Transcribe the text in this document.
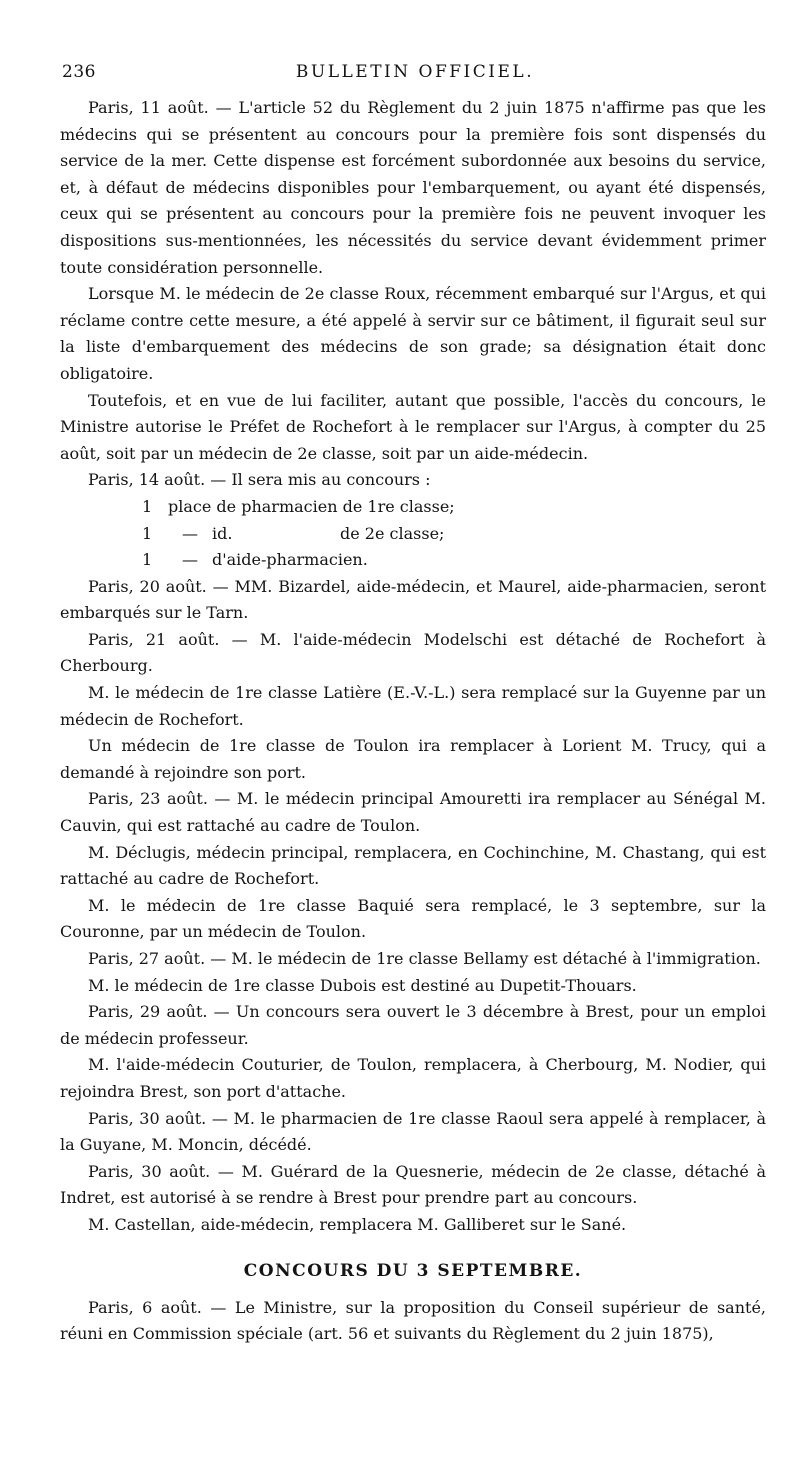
236	BULLETIN OFFICIEL.

Paris, 11 août. — L'article 52 du Règlement du 2 juin 1875 n'affirme pas que les médecins qui se présentent au concours pour la première fois sont dispensés du service de la mer. Cette dispense est forcément subordonnée aux besoins du service, et, à défaut de médecins disponibles pour l'embarquement, ou ayant été dispensés, ceux qui se présentent au concours pour la première fois ne peuvent invoquer les dispositions sus-mentionnées, les nécessités du service devant évidemment primer toute considération personnelle.

Lorsque M. le médecin de 2e classe Roux, récemment embarqué sur l'Argus, et qui réclame contre cette mesure, a été appelé à servir sur ce bâtiment, il figurait seul sur la liste d'embarquement des médecins de son grade; sa désignation était donc obligatoire.

Toutefois, et en vue de lui faciliter, autant que possible, l'accès du concours, le Ministre autorise le Préfet de Rochefort à le remplacer sur l'Argus, à compter du 25 août, soit par un médecin de 2e classe, soit par un aide-médecin.

Paris, 14 août. — Il sera mis au concours :

1 place de pharmacien de 1re classe;
1 — id.	de 2e classe;
1 — d'aide-pharmacien.

Paris, 20 août. — MM. Bizardel, aide-médecin, et Maurel, aide-pharmacien, seront embarqués sur le Tarn.

Paris, 21 août. — M. l'aide-médecin Modelschi est détaché de Rochefort à Cherbourg.

M. le médecin de 1re classe Latière (E.-V.-L.) sera remplacé sur la Guyenne par un médecin de Rochefort.

Un médecin de 1re classe de Toulon ira remplacer à Lorient M. Trucy, qui a demandé à rejoindre son port.

Paris, 23 août. — M. le médecin principal Amouretti ira remplacer au Sénégal M. Cauvin, qui est rattaché au cadre de Toulon.

M. Déclugis, médecin principal, remplacera, en Cochinchine, M. Chastang, qui est rattaché au cadre de Rochefort.

M. le médecin de 1re classe Baquié sera remplacé, le 3 septembre, sur la Couronne, par un médecin de Toulon.

Paris, 27 août. — M. le médecin de 1re classe Bellamy est détaché à l'immigration.

M. le médecin de 1re classe Dubois est destiné au Dupetit-Thouars.

Paris, 29 août. — Un concours sera ouvert le 3 décembre à Brest, pour un emploi de médecin professeur.

M. l'aide-médecin Couturier, de Toulon, remplacera, à Cherbourg, M. Nodier, qui rejoindra Brest, son port d'attache.

Paris, 30 août. — M. le pharmacien de 1re classe Raoul sera appelé à remplacer, à la Guyane, M. Moncin, décédé.

Paris, 30 août. — M. Guérard de la Quesnerie, médecin de 2e classe, détaché à Indret, est autorisé à se rendre à Brest pour prendre part au concours.

M. Castellan, aide-médecin, remplacera M. Galliberet sur le Sané.

CONCOURS DU 3 SEPTEMBRE.

Paris, 6 août. — Le Ministre, sur la proposition du Conseil supérieur de santé, réuni en Commission spéciale (art. 56 et suivants du Règlement du 2 juin 1875),
